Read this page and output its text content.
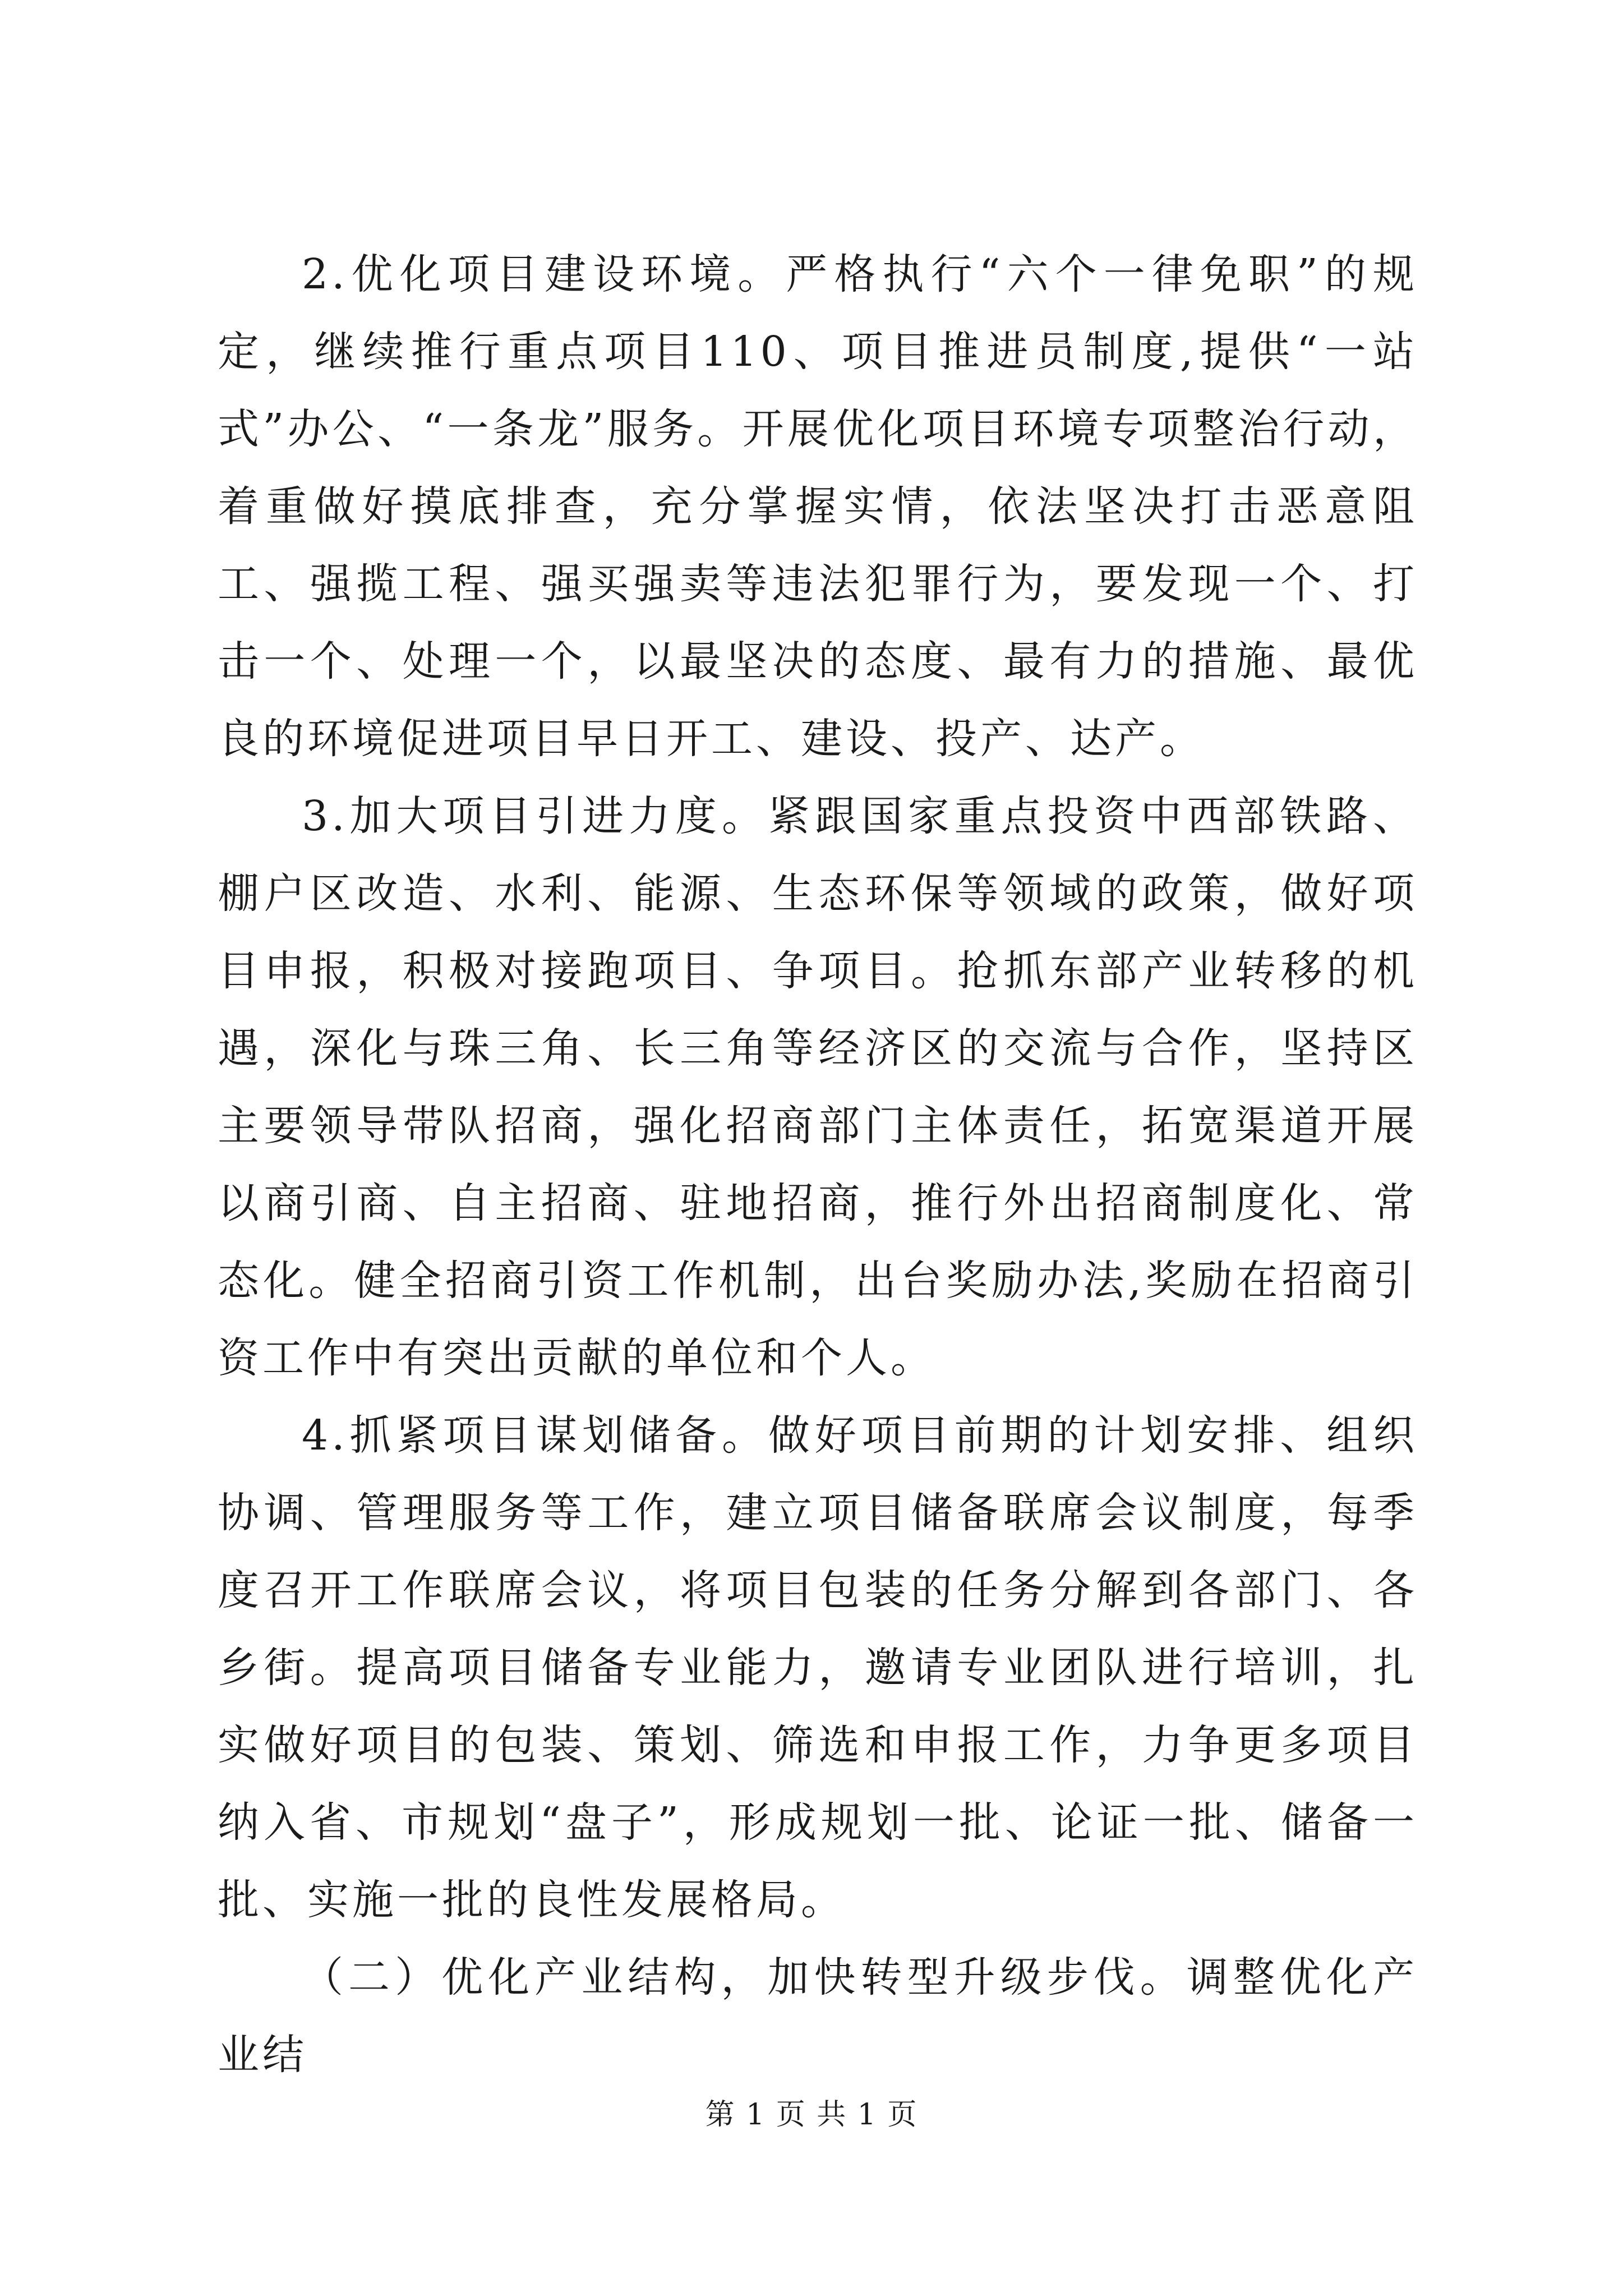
2.优化项目建设环境。严格执行“六个一律免职”的规定，继续推行重点项目110、项目推进员制度,提供“一站式”办公、“一条龙”服务。开展优化项目环境专项整治行动，着重做好摸底排查，充分掌握实情，依法坚决打击恶意阻工、强揽工程、强买强卖等违法犯罪行为，要发现一个、打击一个、处理一个，以最坚决的态度、最有力的措施、最优良的环境促进项目早日开工、建设、投产、达产。

3.加大项目引进力度。紧跟国家重点投资中西部铁路、棚户区改造、水利、能源、生态环保等领域的政策，做好项目申报，积极对接跑项目、争项目。抢抓东部产业转移的机遇，深化与珠三角、长三角等经济区的交流与合作，坚持区主要领导带队招商，强化招商部门主体责任，拓宽渠道开展以商引商、自主招商、驻地招商，推行外出招商制度化、常态化。健全招商引资工作机制，出台奖励办法,奖励在招商引资工作中有突出贡献的单位和个人。

4.抓紧项目谋划储备。做好项目前期的计划安排、组织协调、管理服务等工作，建立项目储备联席会议制度，每季度召开工作联席会议，将项目包装的任务分解到各部门、各乡街。提高项目储备专业能力，邀请专业团队进行培训，扎实做好项目的包装、策划、筛选和申报工作，力争更多项目纳入省、市规划“盘子”，形成规划一批、论证一批、储备一批、实施一批的良性发展格局。

（二）优化产业结构，加快转型升级步伐。调整优化产业结

第 1 页 共 1 页
